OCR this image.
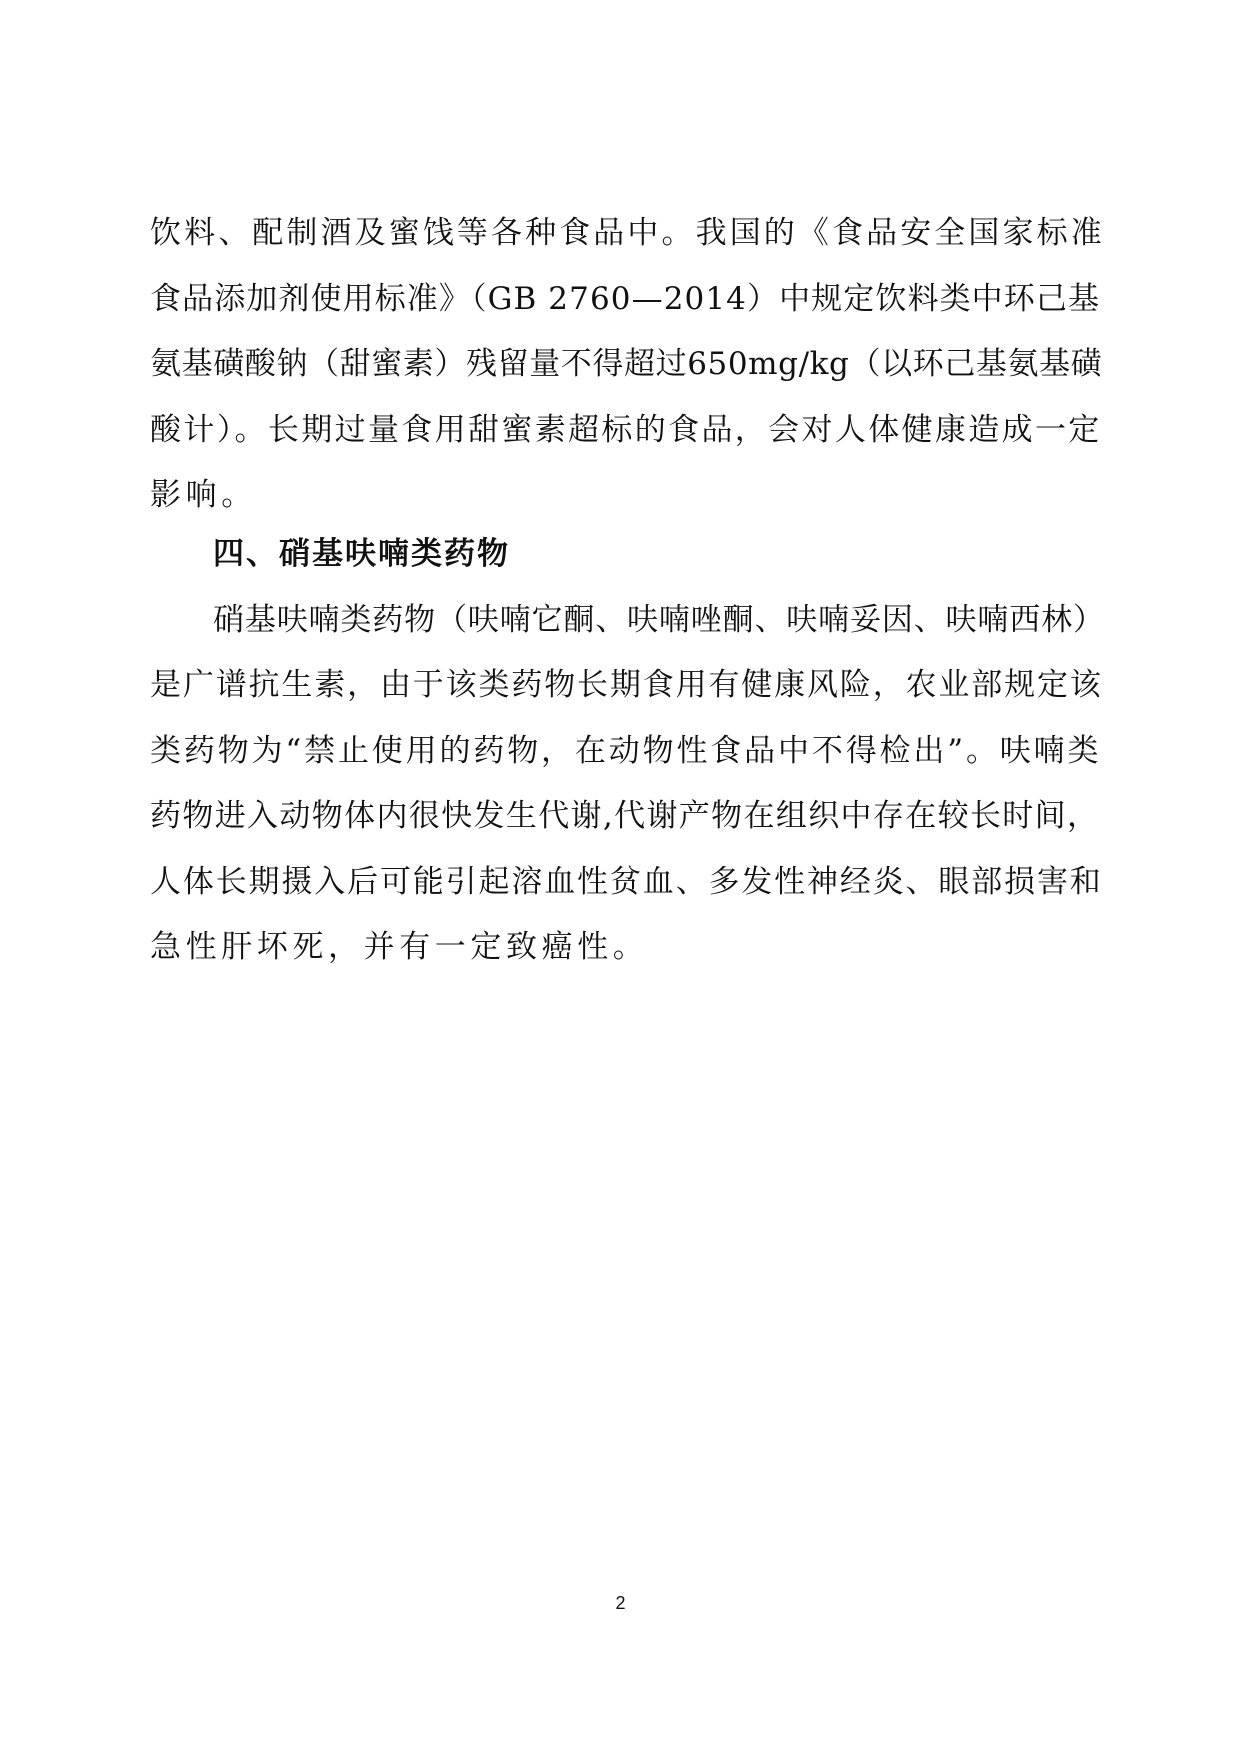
饮料、配制酒及蜜饯等各种食品中。我国的《食品安全国家标准
食品添加剂使用标准》（GB 2760—2014）中规定饮料类中环己基
氨基磺酸钠（甜蜜素）残留量不得超过650mg/kg（以环己基氨基磺
酸计）。长期过量食用甜蜜素超标的食品，会对人体健康造成一定
影响。
四、硝基呋喃类药物
硝基呋喃类药物（呋喃它酮、呋喃唑酮、呋喃妥因、呋喃西林）
是广谱抗生素，由于该类药物长期食用有健康风险，农业部规定该
类药物为“禁止使用的药物，在动物性食品中不得检出”。呋喃类
药物进入动物体内很快发生代谢,代谢产物在组织中存在较长时间，
人体长期摄入后可能引起溶血性贫血、多发性神经炎、眼部损害和
急性肝坏死，并有一定致癌性。
2
